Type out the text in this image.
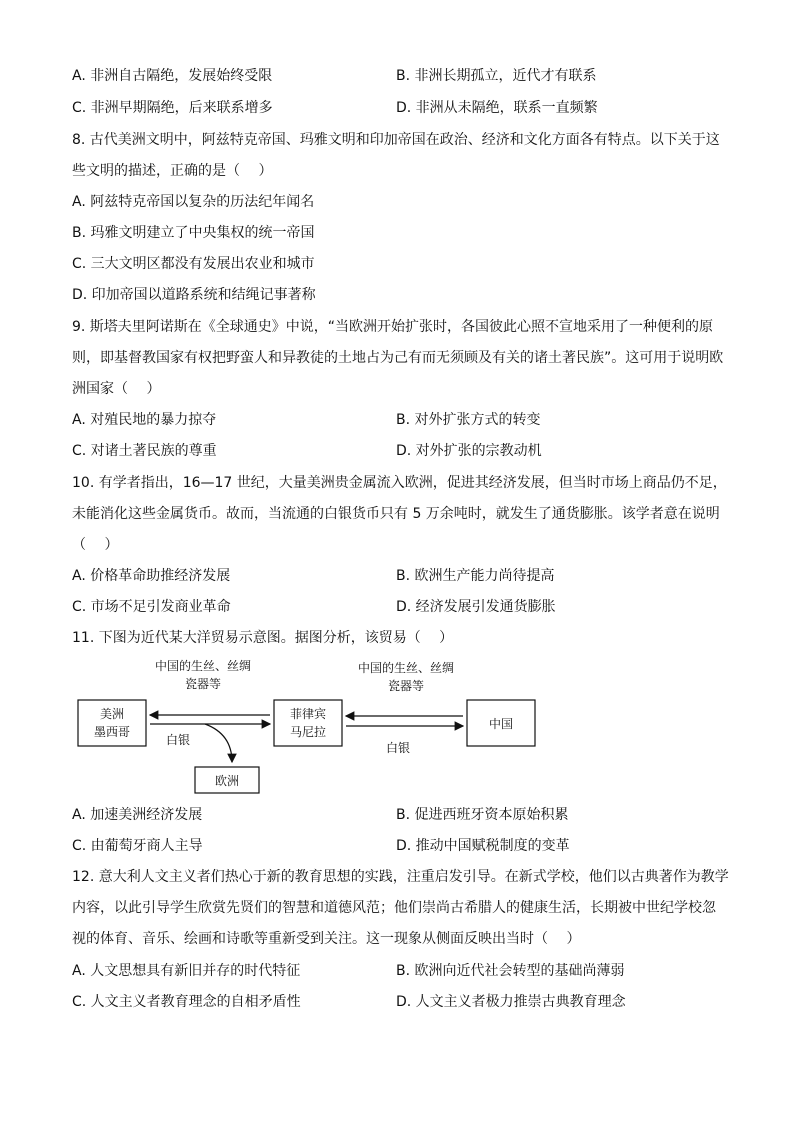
A. 非洲自古隔绝，发展始终受限	B. 非洲长期孤立，近代才有联系
C. 非洲早期隔绝，后来联系增多	D. 非洲从未隔绝，联系一直频繁
8. 古代美洲文明中，阿兹特克帝国、玛雅文明和印加帝国在政治、经济和文化方面各有特点。以下关于这
些文明的描述，正确的是（　 ）
A. 阿兹特克帝国以复杂的历法纪年闻名
B. 玛雅文明建立了中央集权的统一帝国
C. 三大文明区都没有发展出农业和城市
D. 印加帝国以道路系统和结绳记事著称
9. 斯塔夫里阿诺斯在《全球通史》中说，“当欧洲开始扩张时，各国彼此心照不宣地采用了一种便利的原
则，即基督教国家有权把野蛮人和异教徒的土地占为己有而无须顾及有关的诸土著民族”。这可用于说明欧
洲国家（　 ）
A. 对殖民地的暴力掠夺	B. 对外扩张方式的转变
C. 对诸土著民族的尊重	D. 对外扩张的宗教动机
10. 有学者指出，16—17 世纪，大量美洲贵金属流入欧洲，促进其经济发展，但当时市场上商品仍不足，
未能消化这些金属货币。故而，当流通的白银货币只有 5 万余吨时，就发生了通货膨胀。该学者意在说明
（　 ）
A. 价格革命助推经济发展	B. 欧洲生产能力尚待提高
C. 市场不足引发商业革命	D. 经济发展引发通货膨胀
11. 下图为近代某大洋贸易示意图。据图分析，该贸易（　 ）
中国的生丝、丝绸
瓷器等
中国的生丝、丝绸
瓷器等
美洲
墨西哥
菲律宾
马尼拉
中国
欧洲
白银
白银
A. 加速美洲经济发展	B. 促进西班牙资本原始积累
C. 由葡萄牙商人主导	D. 推动中国赋税制度的变革
12. 意大利人文主义者们热心于新的教育思想的实践，注重启发引导。在新式学校，他们以古典著作为教学
内容，以此引导学生欣赏先贤们的智慧和道德风范；他们崇尚古希腊人的健康生活，长期被中世纪学校忽
视的体育、音乐、绘画和诗歌等重新受到关注。这一现象从侧面反映出当时（　 ）
A. 人文思想具有新旧并存的时代特征	B. 欧洲向近代社会转型的基础尚薄弱
C. 人文主义者教育理念的自相矛盾性	D. 人文主义者极力推崇古典教育理念
